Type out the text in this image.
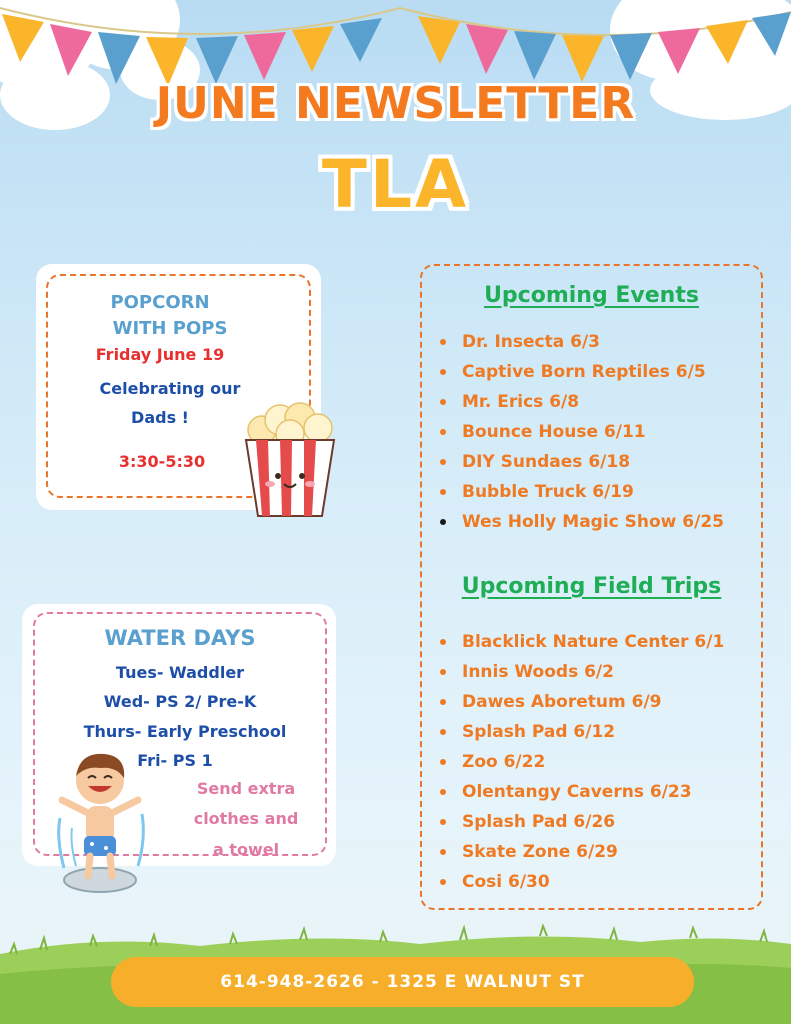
JUNE NEWSLETTER
TLA
POPCORN
WITH POPS
Friday June 19
Celebrating our
Dads !
3:30-5:30
WATER DAYS
Tues- Waddler
Wed- PS 2/ Pre-K
Thurs- Early Preschool
Fri- PS 1
Send extra
clothes and
a towel
Upcoming Events
Dr. Insecta 6/3
Captive Born Reptiles 6/5
Mr. Erics 6/8
Bounce House 6/11
DIY Sundaes 6/18
Bubble Truck 6/19
Wes Holly Magic Show 6/25
Upcoming Field Trips
Blacklick Nature Center 6/1
Innis Woods 6/2
Dawes Aboretum 6/9
Splash Pad 6/12
Zoo 6/22
Olentangy Caverns 6/23
Splash Pad 6/26
Skate Zone 6/29
Cosi 6/30
614-948-2626 - 1325 E WALNUT ST
